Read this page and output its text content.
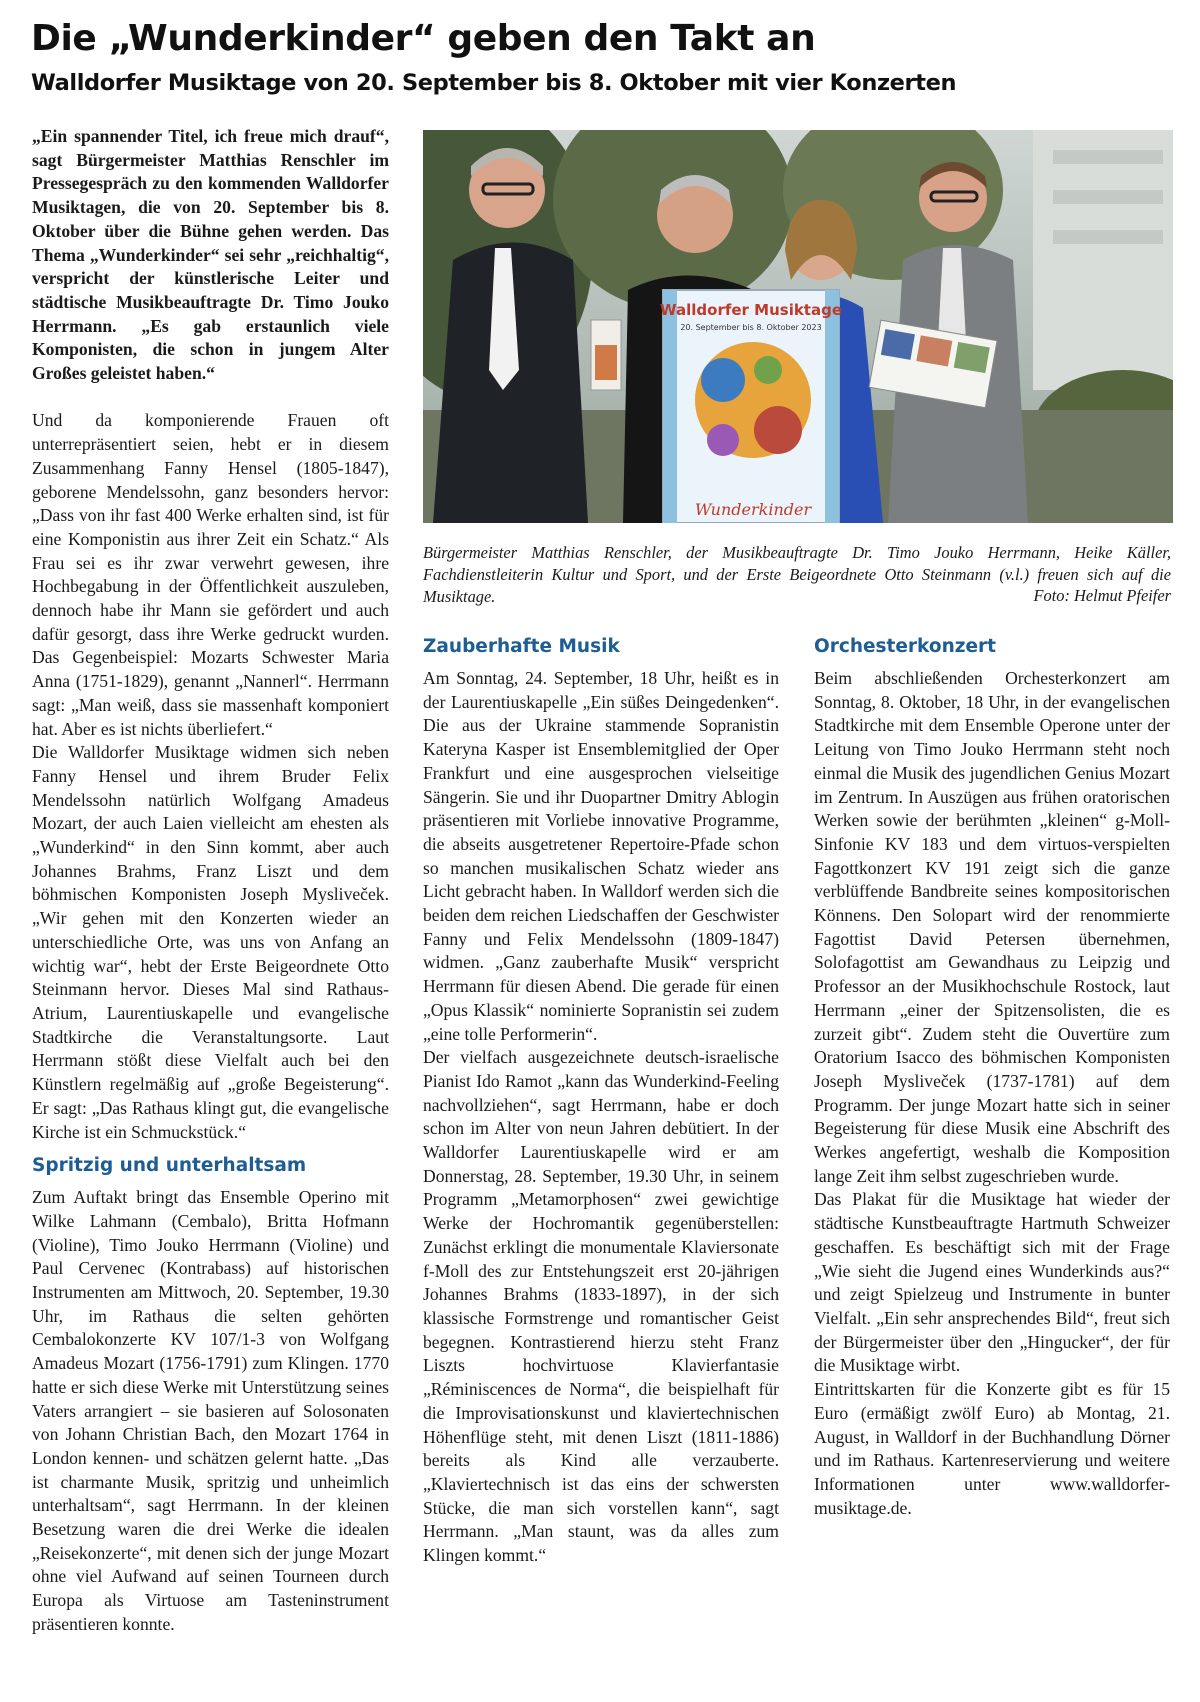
Die „Wunderkinder“ geben den Takt an
Walldorfer Musiktage von 20. September bis 8. Oktober mit vier Konzerten

„Ein spannender Titel, ich freue mich drauf“, sagt Bürgermeister Matthias Renschler im Pressegespräch zu den kommenden Walldorfer Musiktagen, die von 20. September bis 8. Oktober über die Bühne gehen werden. Das Thema „Wunderkinder“ sei sehr „reichhaltig“, verspricht der künstlerische Leiter und städtische Musikbeauftragte Dr. Timo Jouko Herrmann. „Es gab erstaunlich viele Komponisten, die schon in jungem Alter Großes geleistet haben.“

Und da komponierende Frauen oft unterrepräsentiert seien, hebt er in diesem Zusammenhang Fanny Hensel (1805-1847), geborene Mendelssohn, ganz besonders hervor: „Dass von ihr fast 400 Werke erhalten sind, ist für eine Komponistin aus ihrer Zeit ein Schatz.“ Als Frau sei es ihr zwar verwehrt gewesen, ihre Hochbegabung in der Öffentlichkeit auszuleben, dennoch habe ihr Mann sie gefördert und auch dafür gesorgt, dass ihre Werke gedruckt wurden. Das Gegenbeispiel: Mozarts Schwester Maria Anna (1751-1829), genannt „Nannerl“. Herrmann sagt: „Man weiß, dass sie massenhaft komponiert hat. Aber es ist nichts überliefert.“

Die Walldorfer Musiktage widmen sich neben Fanny Hensel und ihrem Bruder Felix Mendelssohn natürlich Wolfgang Amadeus Mozart, der auch Laien vielleicht am ehesten als „Wunderkind“ in den Sinn kommt, aber auch Johannes Brahms, Franz Liszt und dem böhmischen Komponisten Joseph Mysliveček. „Wir gehen mit den Konzerten wieder an unterschiedliche Orte, was uns von Anfang an wichtig war“, hebt der Erste Beigeordnete Otto Steinmann hervor. Dieses Mal sind Rathaus-Atrium, Laurentiuskapelle und evangelische Stadtkirche die Veranstaltungsorte. Laut Herrmann stößt diese Vielfalt auch bei den Künstlern regelmäßig auf „große Begeisterung“. Er sagt: „Das Rathaus klingt gut, die evangelische Kirche ist ein Schmuckstück.“

Spritzig und unterhaltsam

Zum Auftakt bringt das Ensemble Operino mit Wilke Lahmann (Cembalo), Britta Hofmann (Violine), Timo Jouko Herrmann (Violine) und Paul Cervenec (Kontrabass) auf historischen Instrumenten am Mittwoch, 20. September, 19.30 Uhr, im Rathaus die selten gehörten Cembalokonzerte KV 107/1-3 von Wolfgang Amadeus Mozart (1756-1791) zum Klingen. 1770 hatte er sich diese Werke mit Unterstützung seines Vaters arrangiert – sie basieren auf Solosonaten von Johann Christian Bach, den Mozart 1764 in London kennen- und schätzen gelernt hatte. „Das ist charmante Musik, spritzig und unheimlich unterhaltsam“, sagt Herrmann. In der kleinen Besetzung waren die drei Werke die idealen „Reisekonzerte“, mit denen sich der junge Mozart ohne viel Aufwand auf seinen Tourneen durch Europa als Virtuose am Tasteninstrument präsentieren konnte.

Walldorfer Musiktage
20. September bis 8. Oktober 2023
Wunderkinder

Bürgermeister Matthias Renschler, der Musikbeauftragte Dr. Timo Jouko Herrmann, Heike Käller, Fachdienstleiterin Kultur und Sport, und der Erste Beigeordnete Otto Steinmann (v.l.) freuen sich auf die Musiktage.	Foto: Helmut Pfeifer

Zauberhafte Musik

Am Sonntag, 24. September, 18 Uhr, heißt es in der Laurentiuskapelle „Ein süßes Deingedenken“. Die aus der Ukraine stammende Sopranistin Kateryna Kasper ist Ensemblemitglied der Oper Frankfurt und eine ausgesprochen vielseitige Sängerin. Sie und ihr Duopartner Dmitry Ablogin präsentieren mit Vorliebe innovative Programme, die abseits ausgetretener Repertoire-Pfade schon so manchen musikalischen Schatz wieder ans Licht gebracht haben. In Walldorf werden sich die beiden dem reichen Liedschaffen der Geschwister Fanny und Felix Mendelssohn (1809-1847) widmen. „Ganz zauberhafte Musik“ verspricht Herrmann für diesen Abend. Die gerade für einen „Opus Klassik“ nominierte Sopranistin sei zudem „eine tolle Performerin“.

Der vielfach ausgezeichnete deutsch-israelische Pianist Ido Ramot „kann das Wunderkind-Feeling nachvollziehen“, sagt Herrmann, habe er doch schon im Alter von neun Jahren debütiert. In der Walldorfer Laurentiuskapelle wird er am Donnerstag, 28. September, 19.30 Uhr, in seinem Programm „Metamorphosen“ zwei gewichtige Werke der Hochromantik gegenüberstellen: Zunächst erklingt die monumentale Klaviersonate f-Moll des zur Entstehungszeit erst 20-jährigen Johannes Brahms (1833-1897), in der sich klassische Formstrenge und romantischer Geist begegnen. Kontrastierend hierzu steht Franz Liszts hochvirtuose Klavierfantasie „Réminiscences de Norma“, die beispielhaft für die Improvisationskunst und klaviertechnischen Höhenflüge steht, mit denen Liszt (1811-1886) bereits als Kind alle verzauberte. „Klaviertechnisch ist das eins der schwersten Stücke, die man sich vorstellen kann“, sagt Herrmann. „Man staunt, was da alles zum Klingen kommt.“

Orchesterkonzert

Beim abschließenden Orchesterkonzert am Sonntag, 8. Oktober, 18 Uhr, in der evangelischen Stadtkirche mit dem Ensemble Operone unter der Leitung von Timo Jouko Herrmann steht noch einmal die Musik des jugendlichen Genius Mozart im Zentrum. In Auszügen aus frühen oratorischen Werken sowie der berühmten „kleinen“ g-Moll-Sinfonie KV 183 und dem virtuos-verspielten Fagottkonzert KV 191 zeigt sich die ganze verblüffende Bandbreite seines kompositorischen Könnens. Den Solopart wird der renommierte Fagottist David Petersen übernehmen, Solofagottist am Gewandhaus zu Leipzig und Professor an der Musikhochschule Rostock, laut Herrmann „einer der Spitzensolisten, die es zurzeit gibt“. Zudem steht die Ouvertüre zum Oratorium Isacco des böhmischen Komponisten Joseph Mysliveček (1737-1781) auf dem Programm. Der junge Mozart hatte sich in seiner Begeisterung für diese Musik eine Abschrift des Werkes angefertigt, weshalb die Komposition lange Zeit ihm selbst zugeschrieben wurde.

Das Plakat für die Musiktage hat wieder der städtische Kunstbeauftragte Hartmuth Schweizer geschaffen. Es beschäftigt sich mit der Frage „Wie sieht die Jugend eines Wunderkinds aus?“ und zeigt Spielzeug und Instrumente in bunter Vielfalt. „Ein sehr ansprechendes Bild“, freut sich der Bürgermeister über den „Hingucker“, der für die Musiktage wirbt.

Eintrittskarten für die Konzerte gibt es für 15 Euro (ermäßigt zwölf Euro) ab Montag, 21. August, in Walldorf in der Buchhandlung Dörner und im Rathaus. Kartenreservierung und weitere Informationen unter www.walldorfer-musiktage.de.
